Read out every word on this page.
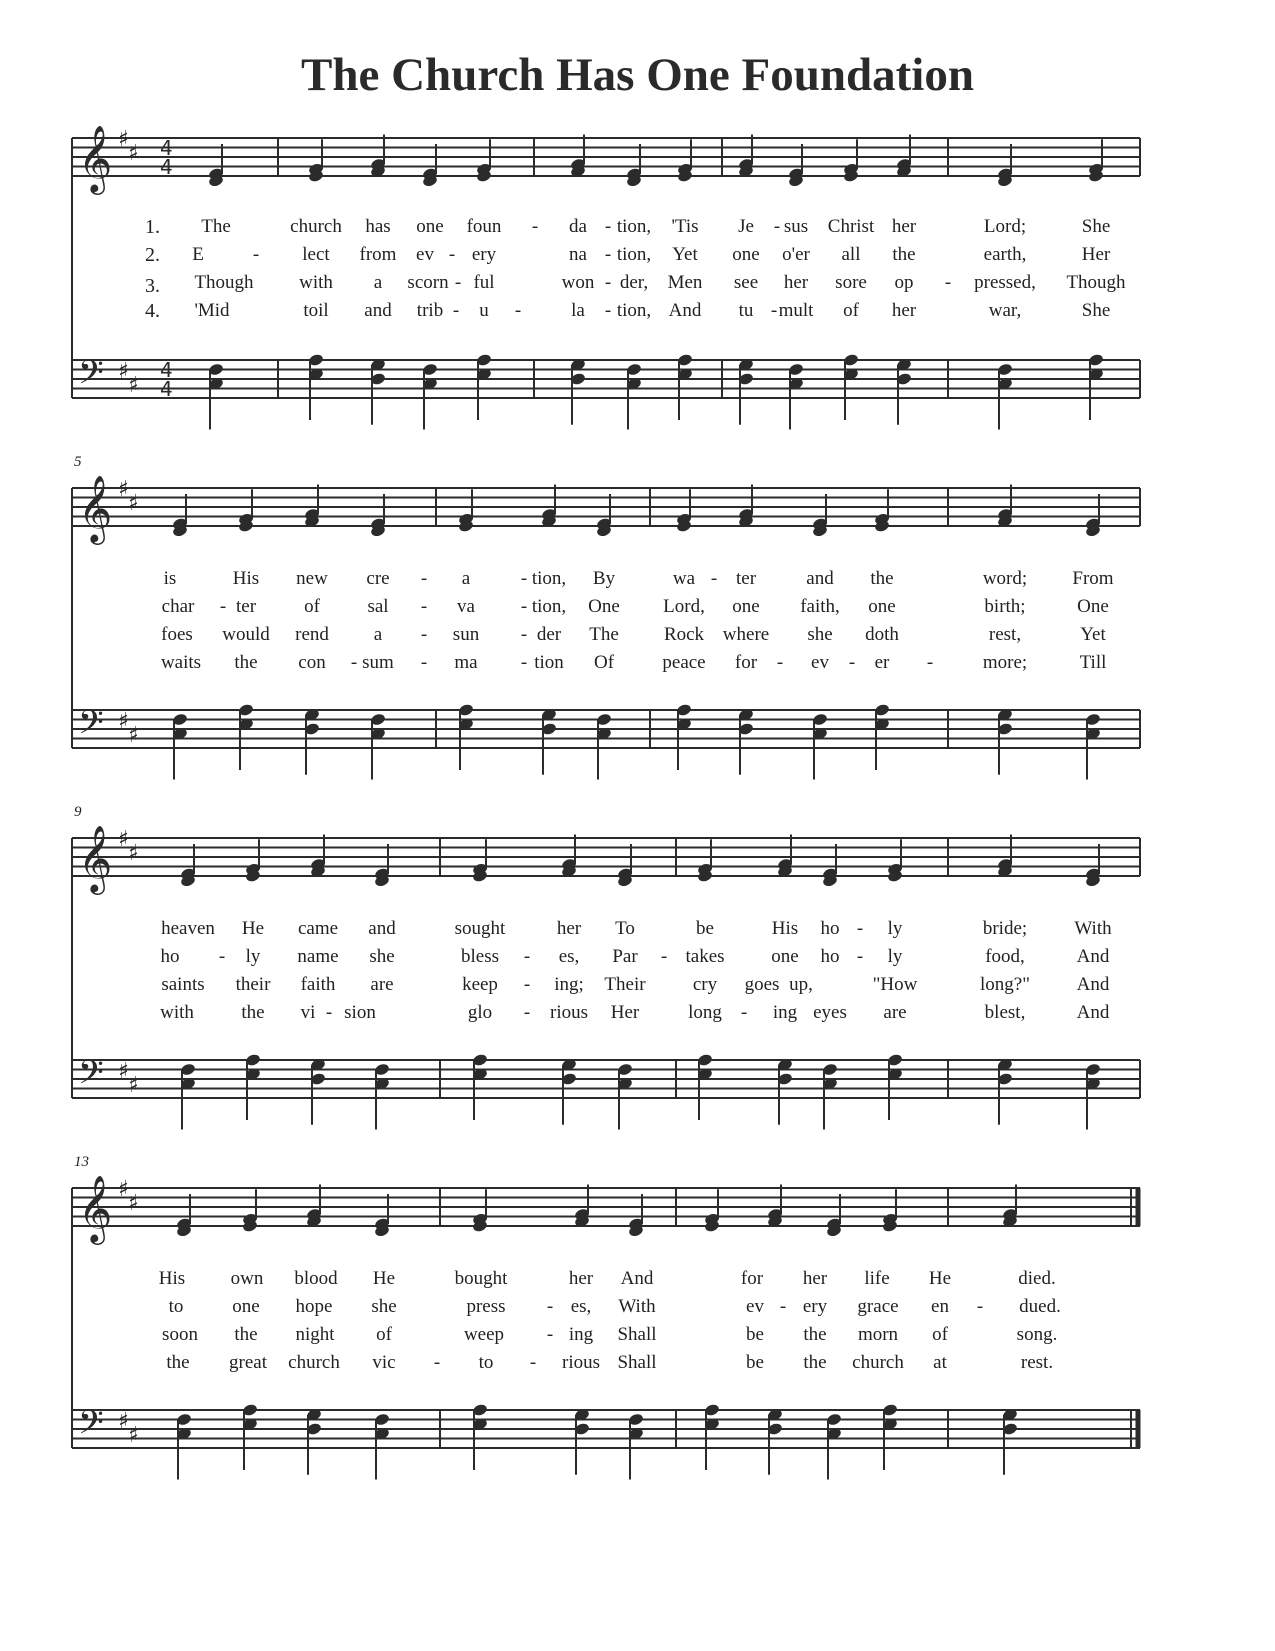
The Church Has One Foundation
𝄞
𝄢
♯
♯
♯
♯
4
4
4
4
1. The	church has one foun - da - tion, 'Tis Je - sus Christ her	Lord;	She
2. E	- lect from ev - ery	na - tion, Yet one o'er all the	earth,	Her
3. Though with a scorn - ful	won - der, Men see her sore op - pressed, Though
4. 'Mid	toil and trib - u -	la - tion, And tu - mult of her	war,	She
𝄞
𝄢
♯
♯
♯
♯
5
is	His new cre - a	- tion, By	wa - ter	and the	word; From
char - ter	of	sal - va - tion, One Lord, one faith, one	birth;	One
foes would rend a - sun - der The Rock where she doth	rest,	Yet
waits the con - sum - ma - tion Of	peace for - ev - er -	more;	Till
𝄞
𝄢
♯
♯
♯
♯
9
heaven He came and	sought	her To	be	His ho - ly	bride; With
ho - ly name she	bless - es, Par - takes one ho - ly	food,	And
saints their faith are	keep - ing; Their cry goes up,	"How	long?" And
with	the vi - sion	glo - rious Her	long - ing eyes are	blest,	And
𝄞
𝄢
♯
♯
♯
♯
13
His own blood He	bought	her And	for her life He	died.
to	one hope she	press - es, With	ev - ery grace en - dued.
soon the night of	weep - ing Shall	be the morn of	song.
the great church vic - to - rious Shall	be the church at	rest.
